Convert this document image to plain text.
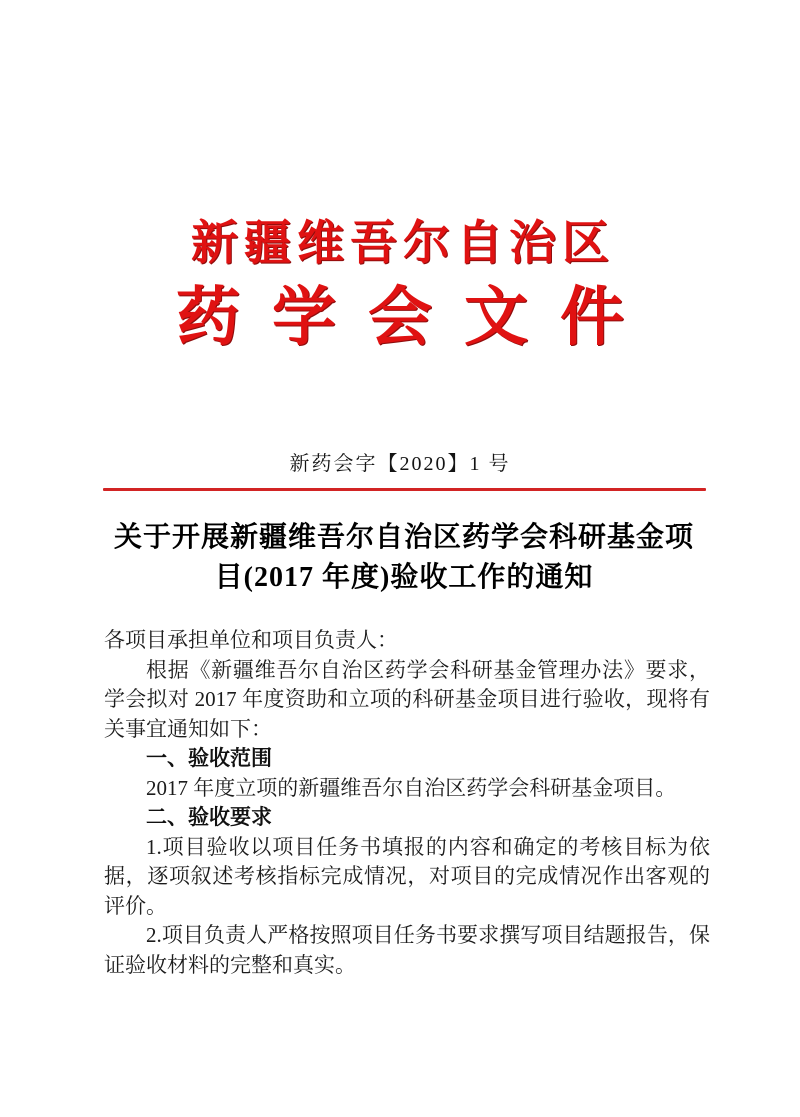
新疆维吾尔自治区
药学会文件
新药会字【2020】1 号
关于开展新疆维吾尔自治区药学会科研基金项
目(2017 年度)验收工作的通知

各项目承担单位和项目负责人：

根据《新疆维吾尔自治区药学会科研基金管理办法》要求，学会拟对 2017 年度资助和立项的科研基金项目进行验收，现将有关事宜通知如下：

一、验收范围

2017 年度立项的新疆维吾尔自治区药学会科研基金项目。

二、验收要求

1.项目验收以项目任务书填报的内容和确定的考核目标为依据，逐项叙述考核指标完成情况，对项目的完成情况作出客观的评价。

2.项目负责人严格按照项目任务书要求撰写项目结题报告，保证验收材料的完整和真实。
